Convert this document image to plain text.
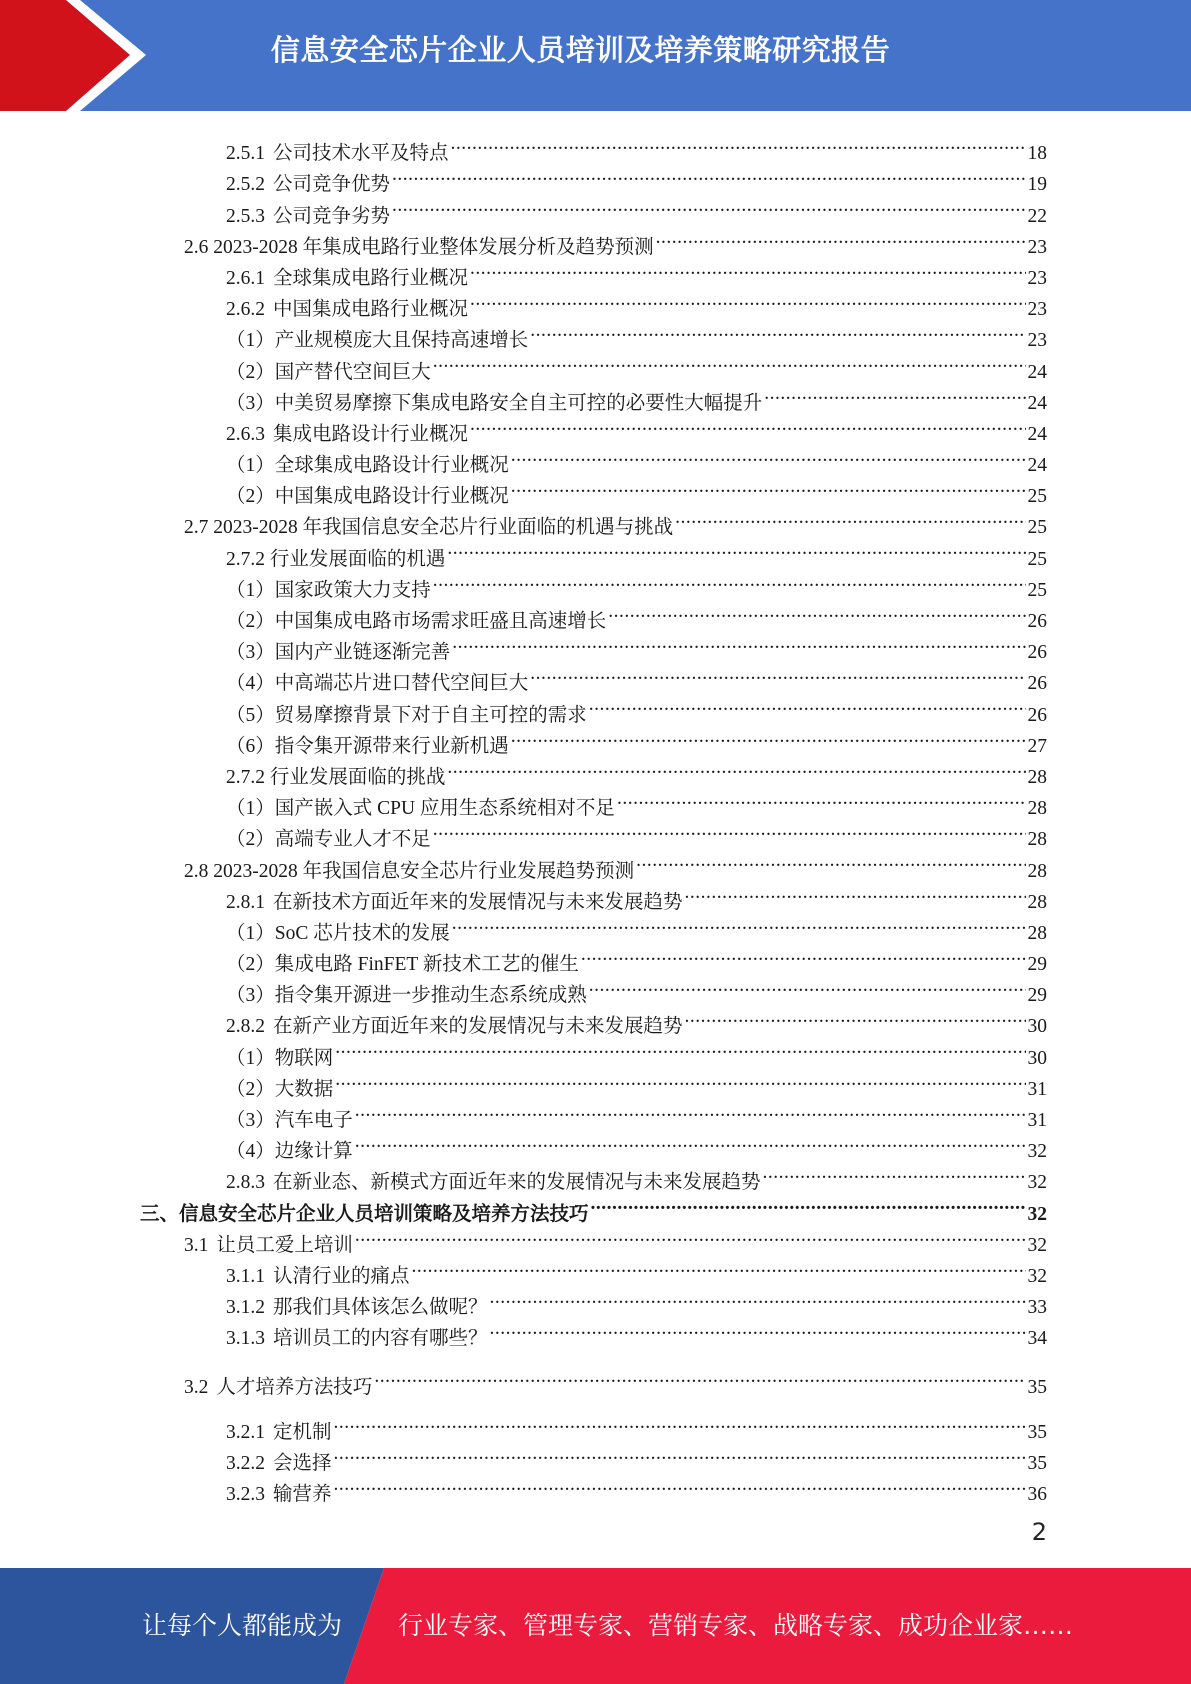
信息安全芯片企业人员培训及培养策略研究报告
2.5.1 公司技术水平及特点 .....	18
2.5.2 公司竞争优势 .....	19
2.5.3 公司竞争劣势 .....	22
2.6 2023-2028 年集成电路行业整体发展分析及趋势预测 .....	23
2.6.1 全球集成电路行业概况 .....	23
2.6.2 中国集成电路行业概况 .....	23
（1）产业规模庞大且保持高速增长 .....	23
（2）国产替代空间巨大 .....	24
（3）中美贸易摩擦下集成电路安全自主可控的必要性大幅提升 .....	24
2.6.3 集成电路设计行业概况 .....	24
（1）全球集成电路设计行业概况 .....	24
（2）中国集成电路设计行业概况 .....	25
2.7 2023-2028 年我国信息安全芯片行业面临的机遇与挑战 .....	25
2.7.2 行业发展面临的机遇 .....	25
（1）国家政策大力支持 .....	25
（2）中国集成电路市场需求旺盛且高速增长 .....	26
（3）国内产业链逐渐完善 .....	26
（4）中高端芯片进口替代空间巨大 .....	26
（5）贸易摩擦背景下对于自主可控的需求 .....	26
（6）指令集开源带来行业新机遇 .....	27
2.7.2 行业发展面临的挑战 .....	28
（1）国产嵌入式 CPU 应用生态系统相对不足 .....	28
（2）高端专业人才不足 .....	28
2.8 2023-2028 年我国信息安全芯片行业发展趋势预测 .....	28
2.8.1 在新技术方面近年来的发展情况与未来发展趋势 .....	28
（1）SoC 芯片技术的发展 .....	28
（2）集成电路 FinFET 新技术工艺的催生 .....	29
（3）指令集开源进一步推动生态系统成熟 .....	29
2.8.2 在新产业方面近年来的发展情况与未来发展趋势 .....	30
（1）物联网 .....	30
（2）大数据 .....	31
（3）汽车电子 .....	31
（4）边缘计算 .....	32
2.8.3 在新业态、新模式方面近年来的发展情况与未来发展趋势 .....	32
三、信息安全芯片企业人员培训策略及培养方法技巧 .....	32
3.1 让员工爱上培训 .....	32
3.1.1 认清行业的痛点 .....	32
3.1.2 那我们具体该怎么做呢？ .....	33
3.1.3 培训员工的内容有哪些？ .....	34
3.2 人才培养方法技巧 .....	35
3.2.1 定机制 .....	35
3.2.2 会选择 .....	35
3.2.3 输营养 .....	36
2
让每个人都能成为 行业专家、管理专家、营销专家、战略专家、成功企业家……
